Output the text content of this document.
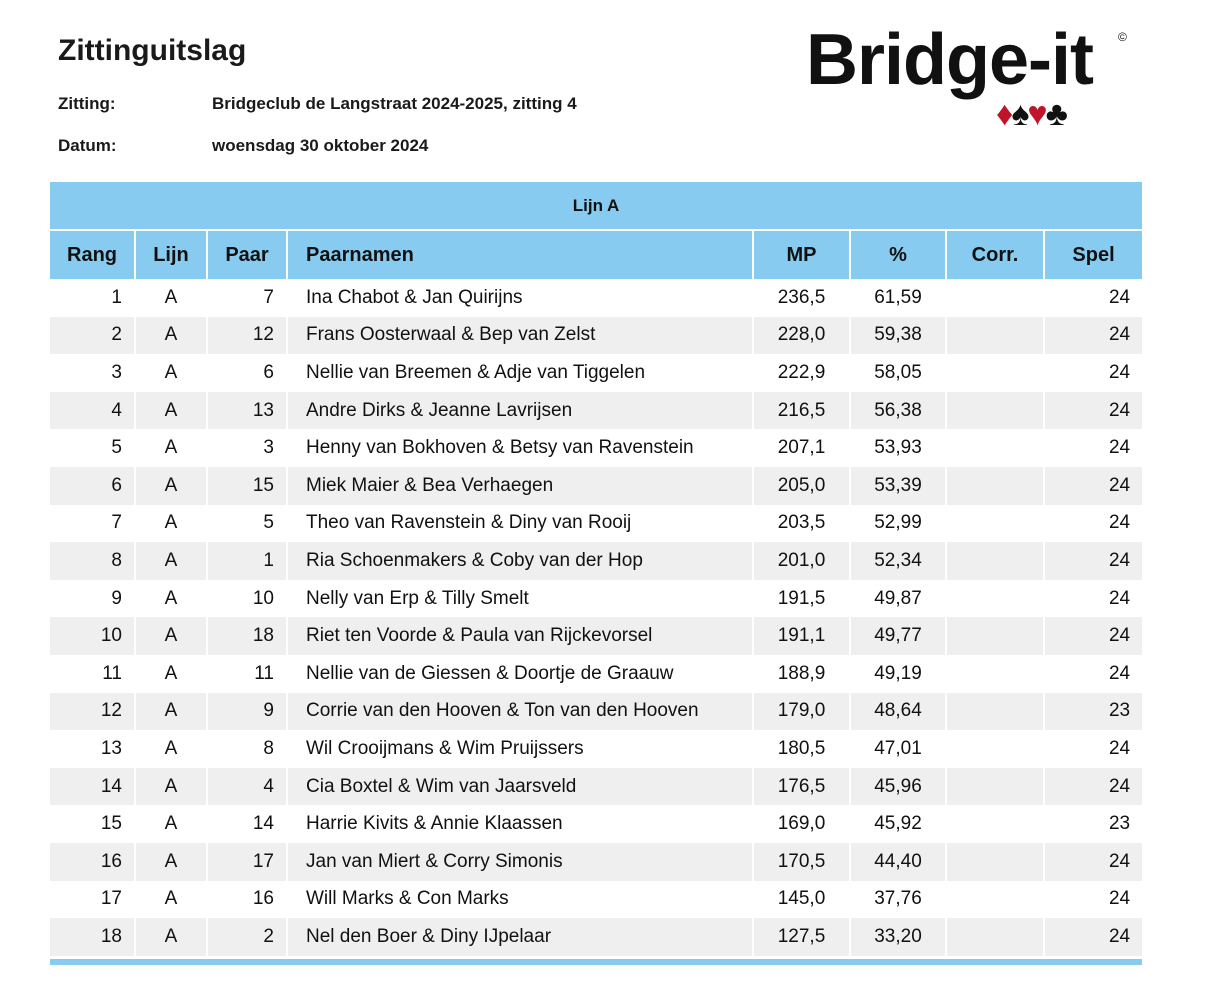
Zittinguitslag
Zitting:	Bridgeclub de Langstraat 2024-2025, zitting 4
Datum:	woensdag 30 oktober 2024
Bridge-it ©
♦♠♥♣
Lijn A							
Rang	Lijn	Paar	Paarnamen	MP	%	Corr.	Spel
1	A	7	Ina Chabot & Jan Quirijns	236,5	61,59		24
2	A	12	Frans Oosterwaal & Bep van Zelst	228,0	59,38		24
3	A	6	Nellie van Breemen & Adje van Tiggelen	222,9	58,05		24
4	A	13	Andre Dirks & Jeanne Lavrijsen	216,5	56,38		24
5	A	3	Henny van Bokhoven & Betsy van Ravenstein	207,1	53,93		24
6	A	15	Miek Maier & Bea Verhaegen	205,0	53,39		24
7	A	5	Theo van Ravenstein & Diny van Rooij	203,5	52,99		24
8	A	1	Ria Schoenmakers & Coby van der Hop	201,0	52,34		24
9	A	10	Nelly van Erp & Tilly Smelt	191,5	49,87		24
10	A	18	Riet ten Voorde & Paula van Rijckevorsel	191,1	49,77		24
11	A	11	Nellie van de Giessen & Doortje de Graauw	188,9	49,19		24
12	A	9	Corrie van den Hooven & Ton van den Hooven	179,0	48,64		23
13	A	8	Wil Crooijmans & Wim Pruijssers	180,5	47,01		24
14	A	4	Cia Boxtel & Wim van Jaarsveld	176,5	45,96		24
15	A	14	Harrie Kivits & Annie Klaassen	169,0	45,92		23
16	A	17	Jan van Miert & Corry Simonis	170,5	44,40		24
17	A	16	Will Marks & Con Marks	145,0	37,76		24
18	A	2	Nel den Boer & Diny IJpelaar	127,5	33,20		24
